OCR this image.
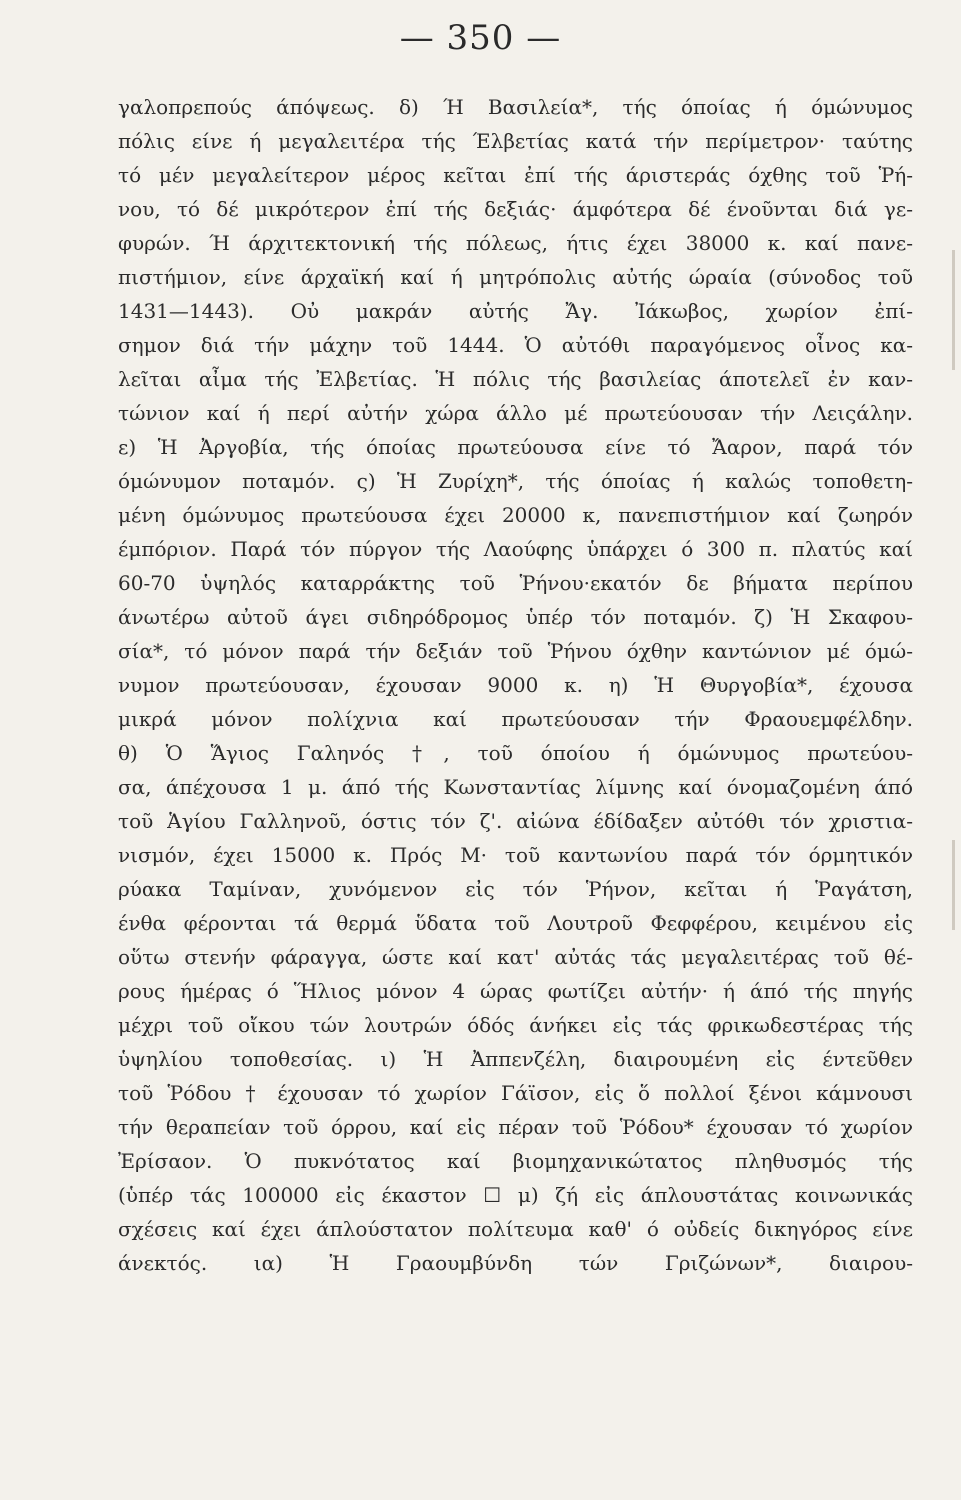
— 350 —
γαλοπρεπούς άπόψεως. δ) Ή Βασιλεία*, τής όποίας ή όμώνυμος
πόλις είνε ή μεγαλειτέρα τής Έλβετίας κατά τήν περίμετρον· ταύτης
τό μέν μεγαλείτερον μέρος κεῖται ἐπί τής άριστεράς όχθης τοῦ Ῥή-
νου, τό δέ μικρότερον ἐπί τής δεξιάς· άμφότερα δέ ένοῦνται διά γε-
φυρών. Ή άρχιτεκτονική τής πόλεως, ήτις έχει 38000 κ. καί πανε-
πιστήμιον, είνε άρχαϊκή καί ή μητρόπολις αὐτής ώραία (σύνοδος τοῦ
1431—1443). Οὐ μακράν αὐτής Ἄγ. Ἰάκωβος, χωρίον ἐπί-
σημον διά τήν μάχην τοῦ 1444. Ὁ αὐτόθι παραγόμενος οἶνος κα-
λεῖται αἶμα τής Ἐλβετίας. Ἡ πόλις τής βασιλείας άποτελεῖ ἐν καν-
τώνιον καί ή περί αὐτήν χώρα άλλο μέ πρωτεύουσαν τήν Λειςάλην.
ε) Ἡ Ἀργοβία, τής όποίας πρωτεύουσα είνε τό Ἄαρον, παρά τόν
όμώνυμον ποταμόν. ς) Ἡ Ζυρίχη*, τής όποίας ή καλώς τοποθετη-
μένη όμώνυμος πρωτεύουσα έχει 20000 κ, πανεπιστήμιον καί ζωηρόν
έμπόριον. Παρά τόν πύργον τής Λαούφης ὑπάρχει ό 300 π. πλατύς καί
60-70 ὑψηλός καταρράκτης τοῦ Ῥήνου·εκατόν δε βήματα περίπου
άνωτέρω αὐτοῦ άγει σιδηρόδρομος ὑπέρ τόν ποταμόν. ζ) Ἡ Σκαφου-
σία*, τό μόνον παρά τήν δεξιάν τοῦ Ῥήνου όχθην καντώνιον μέ όμώ-
νυμον πρωτεύουσαν, έχουσαν 9000 κ. η) Ἡ Θυργοβία*, έχουσα
μικρά μόνον πολίχνια καί πρωτεύουσαν τήν Φραουεμφέλδην.
θ) Ὁ Ἅγιος Γαληνός †, τοῦ όποίου ή όμώνυμος πρωτεύου-
σα, άπέχουσα 1 μ. άπό τής Κωνσταντίας λίμνης καί όνομαζομένη άπό
τοῦ Ἁγίου Γαλληνοῦ, όστις τόν ζ'. αἰώνα έδίδαξεν αὐτόθι τόν χριστια-
νισμόν, έχει 15000 κ. Πρός Μ· τοῦ καντωνίου παρά τόν όρμητικόν
ρύακα Ταμίναν, χυνόμενον εἰς τόν Ῥήνον, κεῖται ή Ῥαγάτση,
ένθα φέρονται τά θερμά ὕδατα τοῦ Λουτροῦ Φεφφέρου, κειμένου εἰς
οὕτω στενήν φάραγγα, ώστε καί κατ' αὐτάς τάς μεγαλειτέρας τοῦ θέ-
ρους ήμέρας ό Ἥλιος μόνον 4 ώρας φωτίζει αὐτήν· ή άπό τής πηγής
μέχρι τοῦ οἴκου τών λουτρών όδός άνήκει εἰς τάς φρικωδεστέρας τής
ὑψηλίου τοποθεσίας. ι) Ἡ Ἀππενζέλη, διαιρουμένη εἰς έντεῦθεν
τοῦ Ῥόδου † έχουσαν τό χωρίον Γάϊσον, εἰς ὅ πολλοί ξένοι κάμνουσι
τήν θεραπείαν τοῦ όρρου, καί εἰς πέραν τοῦ Ῥόδου* έχουσαν τό χωρίον
Ἐρίσαον. Ὁ πυκνότατος καί βιομηχανικώτατος πληθυσμός τής
(ὑπέρ τάς 100000 εἰς έκαστον ☐ μ) ζή εἰς άπλουστάτας κοινωνικάς
σχέσεις καί έχει άπλούστατον πολίτευμα καθ' ό οὐδείς δικηγόρος είνε
άνεκτός. ια) Ἡ Γραουμβύνδη τών Γριζώνων*, διαιρου-
